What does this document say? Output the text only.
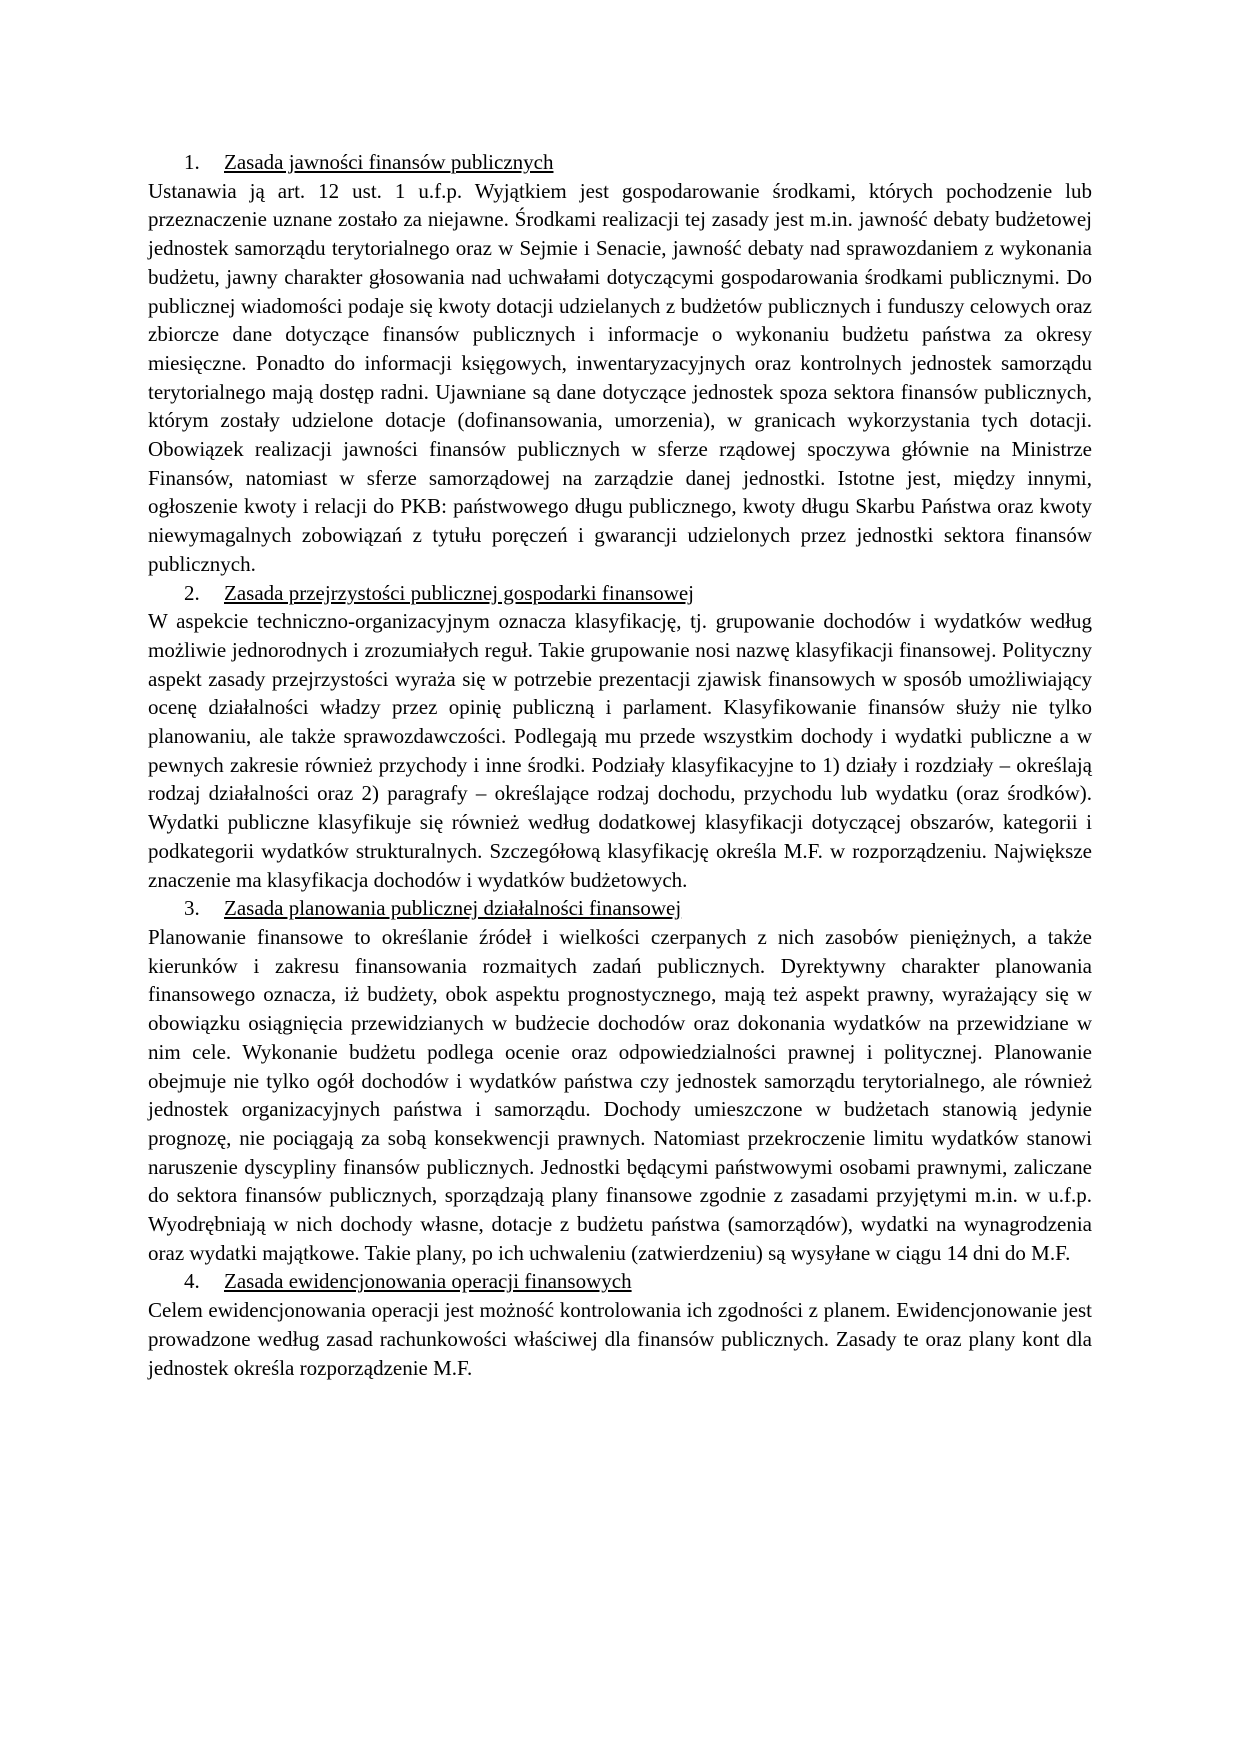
1.	Zasada jawności finansów publicznych

Ustanawia ją art. 12 ust. 1 u.f.p. Wyjątkiem jest gospodarowanie środkami, których pochodzenie lub przeznaczenie uznane zostało za niejawne. Środkami realizacji tej zasady jest m.in. jawność debaty budżetowej jednostek samorządu terytorialnego oraz w Sejmie i Senacie, jawność debaty nad sprawozdaniem z wykonania budżetu, jawny charakter głosowania nad uchwałami dotyczącymi gospodarowania środkami publicznymi. Do publicznej wiadomości podaje się kwoty dotacji udzielanych z budżetów publicznych i funduszy celowych oraz zbiorcze dane dotyczące finansów publicznych i informacje o wykonaniu budżetu państwa za okresy miesięczne. Ponadto do informacji księgowych, inwentaryzacyjnych oraz kontrolnych jednostek samorządu terytorialnego mają dostęp radni. Ujawniane są dane dotyczące jednostek spoza sektora finansów publicznych, którym zostały udzielone dotacje (dofinansowania, umorzenia), w granicach wykorzystania tych dotacji. Obowiązek realizacji jawności finansów publicznych w sferze rządowej spoczywa głównie na Ministrze Finansów, natomiast w sferze samorządowej na zarządzie danej jednostki. Istotne jest, między innymi, ogłoszenie kwoty i relacji do PKB: państwowego długu publicznego, kwoty długu Skarbu Państwa oraz kwoty niewymagalnych zobowiązań z tytułu poręczeń i gwarancji udzielonych przez jednostki sektora finansów publicznych.

2.	Zasada przejrzystości publicznej gospodarki finansowej

W aspekcie techniczno-organizacyjnym oznacza klasyfikację, tj. grupowanie dochodów i wydatków według możliwie jednorodnych i zrozumiałych reguł. Takie grupowanie nosi nazwę klasyfikacji finansowej. Polityczny aspekt zasady przejrzystości wyraża się w potrzebie prezentacji zjawisk finansowych w sposób umożliwiający ocenę działalności władzy przez opinię publiczną i parlament. Klasyfikowanie finansów służy nie tylko planowaniu, ale także sprawozdawczości. Podlegają mu przede wszystkim dochody i wydatki publiczne a w pewnych zakresie również przychody i inne środki. Podziały klasyfikacyjne to 1) działy i rozdziały – określają rodzaj działalności oraz 2) paragrafy – określające rodzaj dochodu, przychodu lub wydatku (oraz środków). Wydatki publiczne klasyfikuje się również według dodatkowej klasyfikacji dotyczącej obszarów, kategorii i podkategorii wydatków strukturalnych. Szczegółową klasyfikację określa M.F. w rozporządzeniu. Największe znaczenie ma klasyfikacja dochodów i wydatków budżetowych.

3.	Zasada planowania publicznej działalności finansowej

Planowanie finansowe to określanie źródeł i wielkości czerpanych z nich zasobów pieniężnych, a także kierunków i zakresu finansowania rozmaitych zadań publicznych. Dyrektywny charakter planowania finansowego oznacza, iż budżety, obok aspektu prognostycznego, mają też aspekt prawny, wyrażający się w obowiązku osiągnięcia przewidzianych w budżecie dochodów oraz dokonania wydatków na przewidziane w nim cele. Wykonanie budżetu podlega ocenie oraz odpowiedzialności prawnej i politycznej. Planowanie obejmuje nie tylko ogół dochodów i wydatków państwa czy jednostek samorządu terytorialnego, ale również jednostek organizacyjnych państwa i samorządu. Dochody umieszczone w budżetach stanowią jedynie prognozę, nie pociągają za sobą konsekwencji prawnych. Natomiast przekroczenie limitu wydatków stanowi naruszenie dyscypliny finansów publicznych. Jednostki będącymi państwowymi osobami prawnymi, zaliczane do sektora finansów publicznych, sporządzają plany finansowe zgodnie z zasadami przyjętymi m.in. w u.f.p. Wyodrębniają w nich dochody własne, dotacje z budżetu państwa (samorządów), wydatki na wynagrodzenia oraz wydatki majątkowe. Takie plany, po ich uchwaleniu (zatwierdzeniu) są wysyłane w ciągu 14 dni do M.F.

4.	Zasada ewidencjonowania operacji finansowych

Celem ewidencjonowania operacji jest możność kontrolowania ich zgodności z planem. Ewidencjonowanie jest prowadzone według zasad rachunkowości właściwej dla finansów publicznych. Zasady te oraz plany kont dla jednostek określa rozporządzenie M.F.
